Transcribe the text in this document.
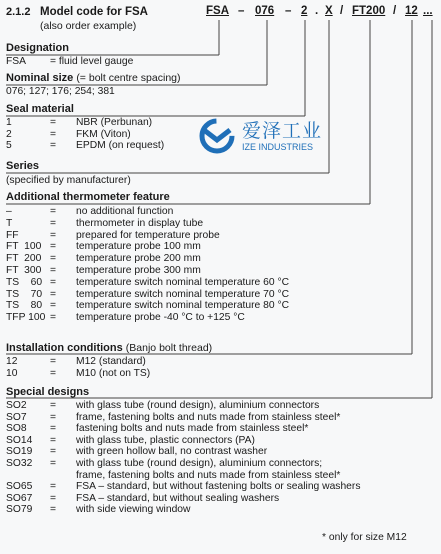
2.1.2 Model code for FSA
(also order example)
FSA – 076 – 2 . X / FT200 / 12 ...
Designation
FSA = fluid level gauge
Nominal size (= bolt centre spacing)
076; 127; 176; 254; 381
Seal material
1	= NBR (Perbunan)
2	= FKM (Viton)
5	= EPDM (on request)
Series
(specified by manufacturer)
Additional thermometer feature
–	= no additional function
T	= thermometer in display tube
FF	= prepared for temperature probe
FT  100 = temperature probe 100 mm
FT  200 = temperature probe 200 mm
FT  300 = temperature probe 300 mm
TS    60 = temperature switch nominal temperature 60 °C
TS    70 = temperature switch nominal temperature 70 °C
TS    80 = temperature switch nominal temperature 80 °C
TFP 100 = temperature probe -40 °C to +125 °C
Installation conditions (Banjo bolt thread)
12	= M12 (standard)
10	= M10 (not on TS)
Special designs
SO2 = with glass tube (round design), aluminium connectors
SO7 = frame, fastening bolts and nuts made from stainless steel*
SO8 = fastening bolts and nuts made from stainless steel*
SO14 = with glass tube, plastic connectors (PA)
SO19 = with green hollow ball, no contrast washer
SO32 = with glass tube (round design), aluminium connectors;
frame, fastening bolts and nuts made from stainless steel*
SO65 = FSA – standard, but without fastening bolts or sealing washers
SO67 = FSA – standard, but without sealing washers
SO79 = with side viewing window
* only for size M12
爱泽工业
IZE INDUSTRIES
